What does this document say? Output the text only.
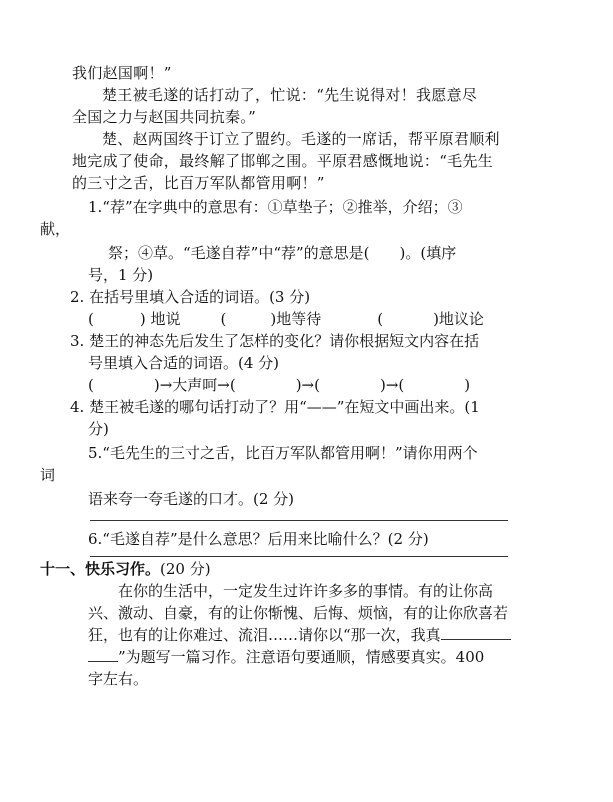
我们赵国啊！”
楚王被毛遂的话打动了，忙说：“先生说得对！我愿意尽
全国之力与赵国共同抗秦。”
楚、赵两国终于订立了盟约。毛遂的一席话，帮平原君顺利
地完成了使命，最终解了邯郸之围。平原君感慨地说：“毛先生
的三寸之舌，比百万军队都管用啊！”
1.“荐”在字典中的意思有：①草垫子；②推举，介绍；③
献，
祭；④草。“毛遂自荐”中“荐”的意思是(　　)。(填序
号，1 分)
2. 在括号里填入合适的词语。(3 分)
(	) 地说	(	)地等待	(	)地议论
3. 楚王的神态先后发生了怎样的变化？请你根据短文内容在括
号里填入合适的词语。(4 分)
(	)→大声呵→(	)→(	)→(	)
4. 楚王被毛遂的哪句话打动了？用“——”在短文中画出来。(1
分)
5.“毛先生的三寸之舌，比百万军队都管用啊！”请你用两个
词
语来夸一夸毛遂的口才。(2 分)
6.“毛遂自荐”是什么意思？后用来比喻什么？(2 分)
十一、快乐习作。(20 分)
在你的生活中，一定发生过许许多多的事情。有的让你高
兴、激动、自豪，有的让你惭愧、后悔、烦恼，有的让你欣喜若
狂，也有的让你难过、流泪……请你以“那一次，我真
”为题写一篇习作。注意语句要通顺，情感要真实。400
字左右。
